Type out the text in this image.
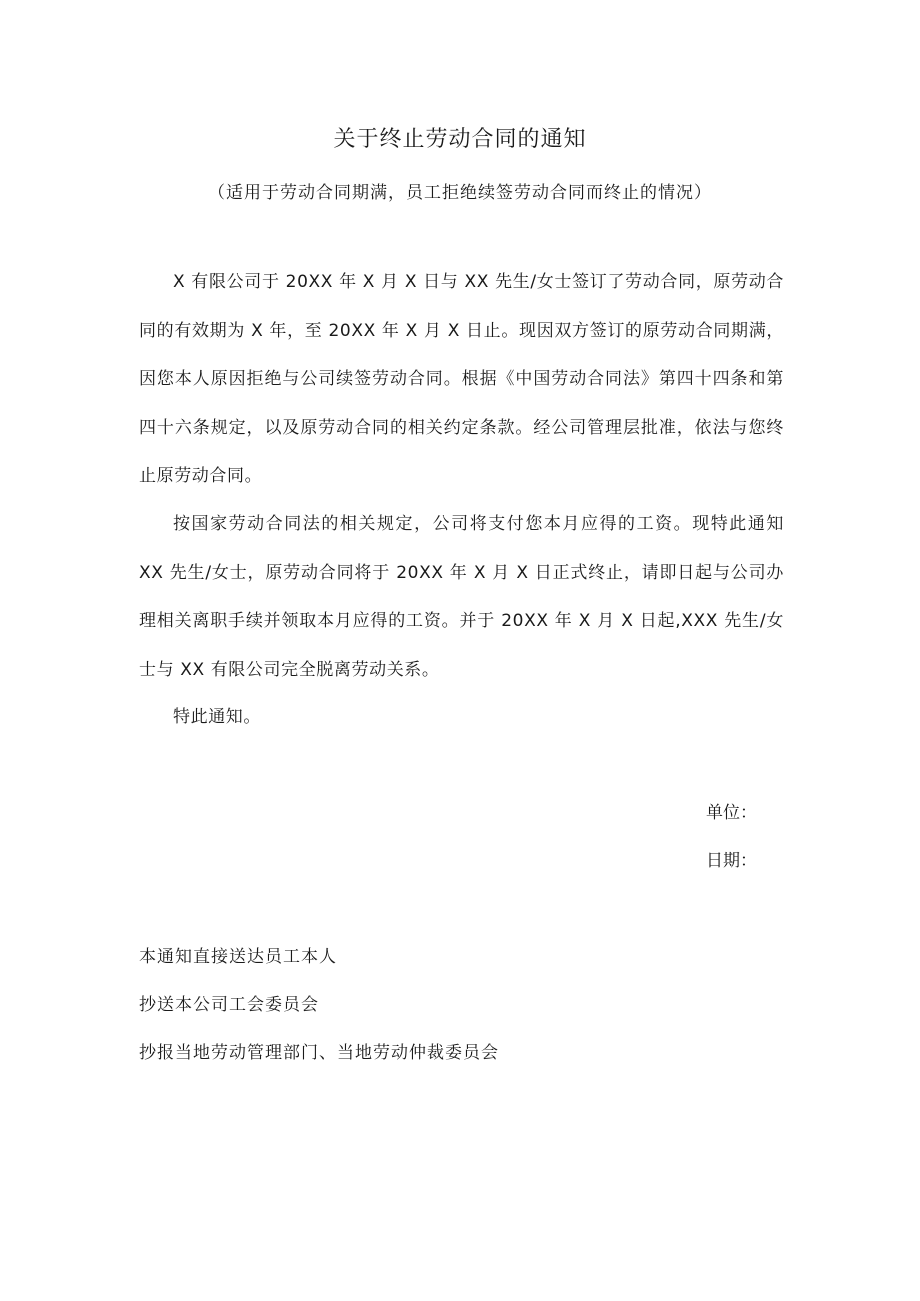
关于终止劳动合同的通知

（适用于劳动合同期满，员工拒绝续签劳动合同而终止的情况）

X 有限公司于 20XX 年 X 月 X 日与 XX 先生/女士签订了劳动合同，原劳动合同的有效期为 X 年，至 20XX 年 X 月 X 日止。现因双方签订的原劳动合同期满，因您本人原因拒绝与公司续签劳动合同。根据《中国劳动合同法》第四十四条和第四十六条规定，以及原劳动合同的相关约定条款。经公司管理层批准，依法与您终止原劳动合同。

按国家劳动合同法的相关规定，公司将支付您本月应得的工资。现特此通知 XX 先生/女士，原劳动合同将于 20XX 年 X 月 X 日正式终止，请即日起与公司办理相关离职手续并领取本月应得的工资。并于 20XX 年 X 月 X 日起,XXX 先生/女士与 XX 有限公司完全脱离劳动关系。

特此通知。

单位：

日期：

本通知直接送达员工本人

抄送本公司工会委员会

抄报当地劳动管理部门、当地劳动仲裁委员会
